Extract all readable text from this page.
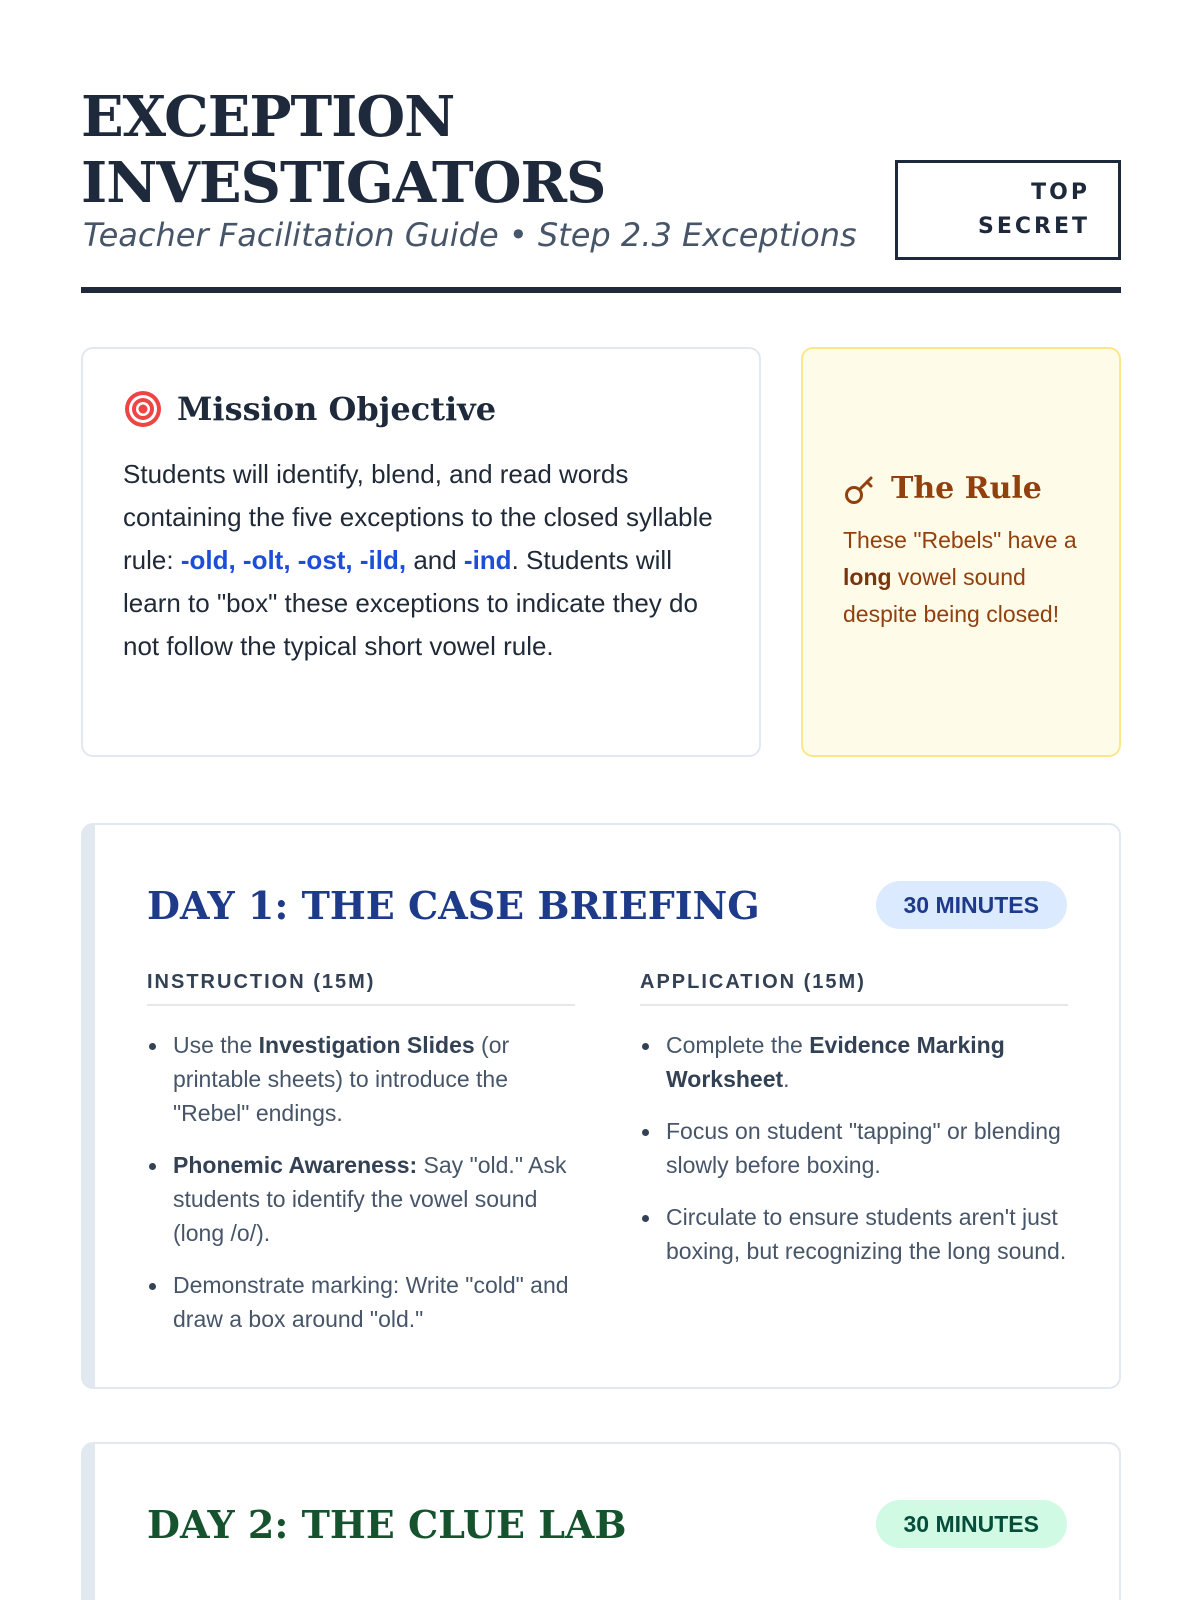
EXCEPTION
INVESTIGATORS
Teacher Facilitation Guide • Step 2.3 Exceptions
TOP
SECRET
Mission Objective

Students will identify, blend, and read words containing the five exceptions to the closed syllable rule: -old, -olt, -ost, -ild, and -ind. Students will learn to "box" these exceptions to indicate they do not follow the typical short vowel rule.

The Rule

These "Rebels" have a long vowel sound despite being closed!

DAY 1: THE CASE BRIEFING	30 MINUTES
INSTRUCTION (15M)
Use the Investigation Slides (or printable sheets) to introduce the "Rebel" endings.
Phonemic Awareness: Say "old." Ask students to identify the vowel sound (long /o/).
Demonstrate marking: Write "cold" and draw a box around "old."
APPLICATION (15M)
Complete the Evidence Marking Worksheet.
Focus on student "tapping" or blending slowly before boxing.
Circulate to ensure students aren't just boxing, but recognizing the long sound.
DAY 2: THE CLUE LAB	30 MINUTES
